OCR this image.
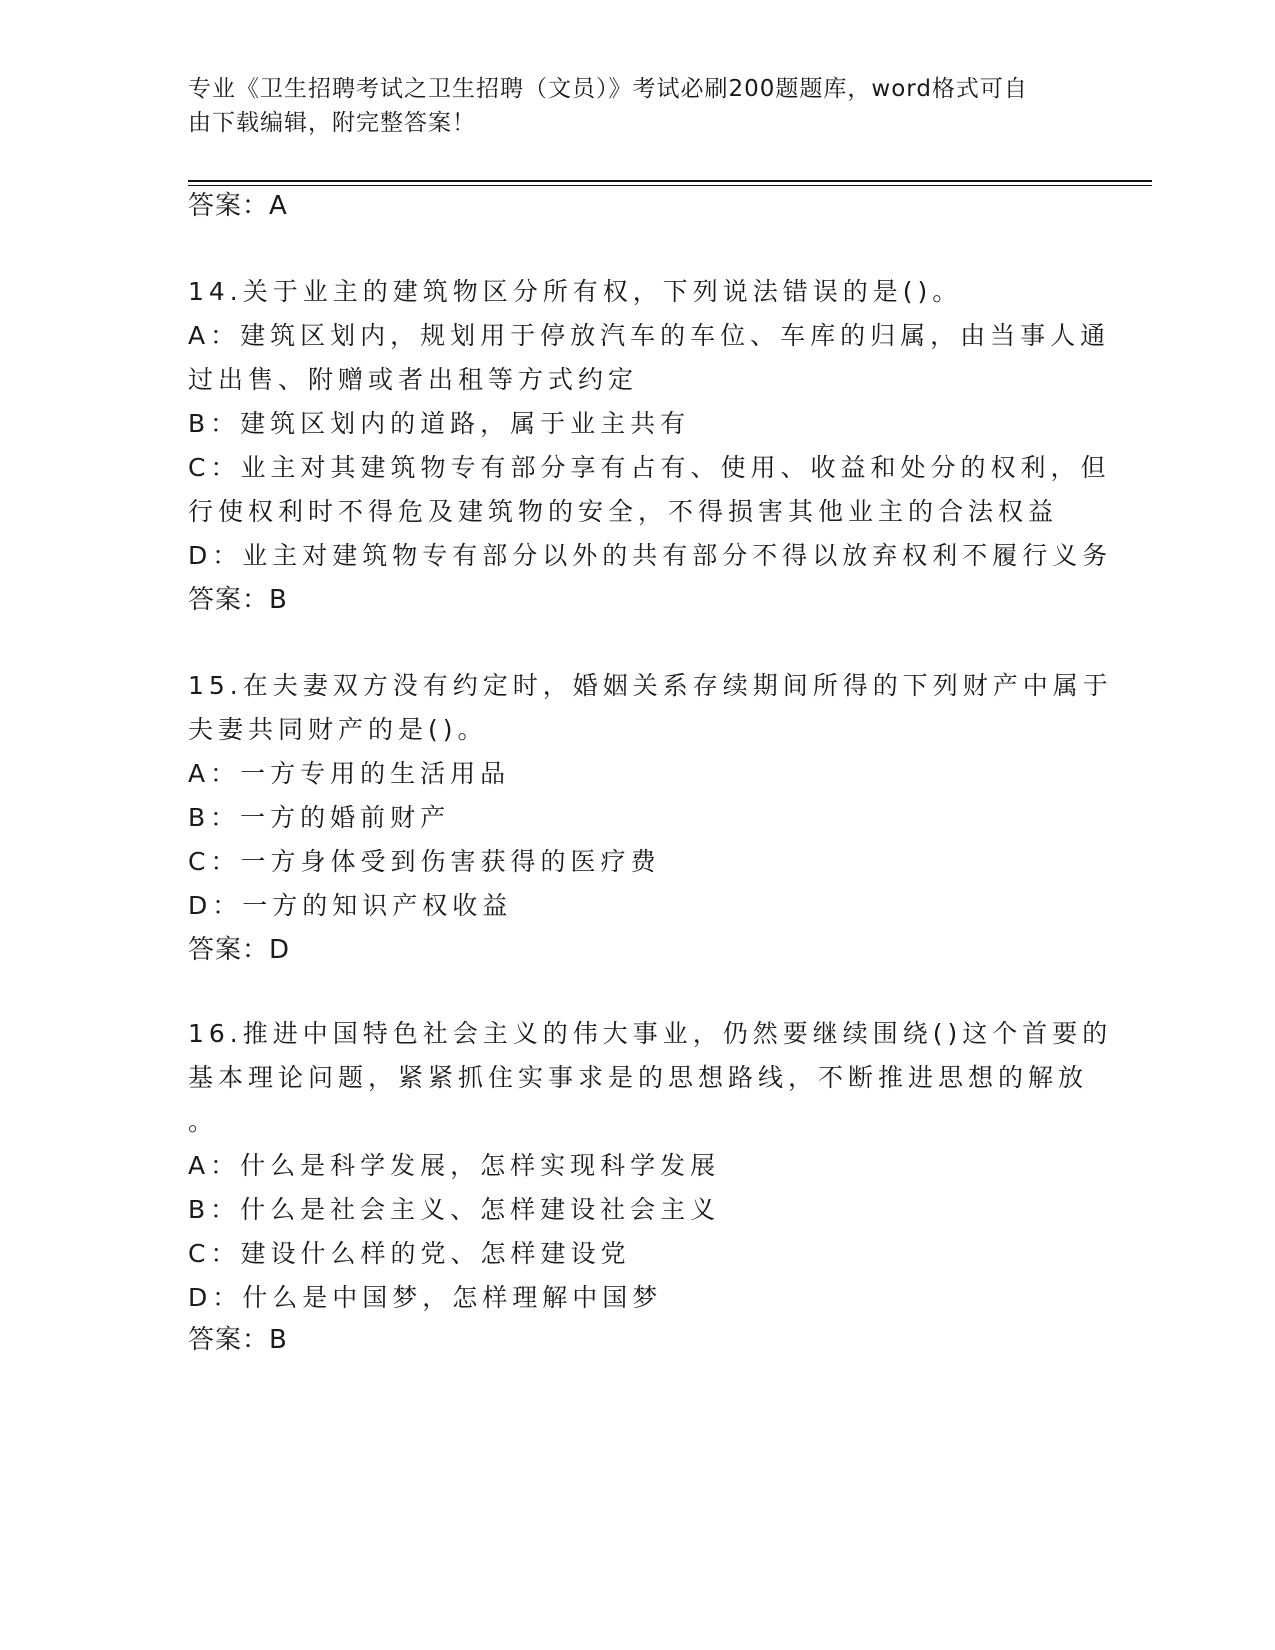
专业《卫生招聘考试之卫生招聘（文员）》考试必刷200题题库，word格式可自
由下载编辑，附完整答案！
答案：A
14.关于业主的建筑物区分所有权，下列说法错误的是()。
A：建筑区划内，规划用于停放汽车的车位、车库的归属，由当事人通
过出售、附赠或者出租等方式约定
B：建筑区划内的道路，属于业主共有
C：业主对其建筑物专有部分享有占有、使用、收益和处分的权利，但
行使权利时不得危及建筑物的安全，不得损害其他业主的合法权益
D：业主对建筑物专有部分以外的共有部分不得以放弃权利不履行义务
答案：B
15.在夫妻双方没有约定时，婚姻关系存续期间所得的下列财产中属于
夫妻共同财产的是()。
A：一方专用的生活用品
B：一方的婚前财产
C：一方身体受到伤害获得的医疗费
D：一方的知识产权收益
答案：D
16.推进中国特色社会主义的伟大事业，仍然要继续围绕()这个首要的
基本理论问题，紧紧抓住实事求是的思想路线，不断推进思想的解放
。
A：什么是科学发展，怎样实现科学发展
B：什么是社会主义、怎样建设社会主义
C：建设什么样的党、怎样建设党
D：什么是中国梦，怎样理解中国梦
答案：B
